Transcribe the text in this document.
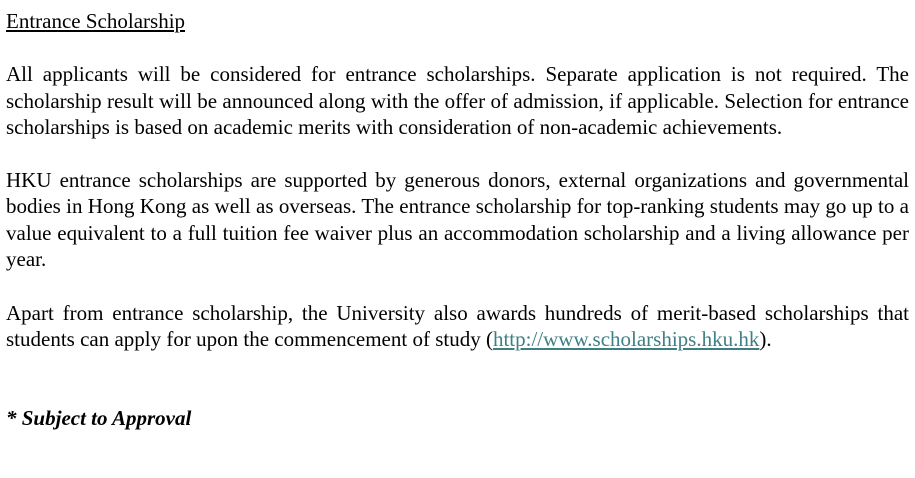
Entrance Scholarship

All applicants will be considered for entrance scholarships. Separate application is not required. The scholarship result will be announced along with the offer of admission, if applicable. Selection for entrance scholarships is based on academic merits with consideration of non-academic achievements.

HKU entrance scholarships are supported by generous donors, external organizations and governmental bodies in Hong Kong as well as overseas. The entrance scholarship for top-ranking students may go up to a value equivalent to a full tuition fee waiver plus an accommodation scholarship and a living allowance per year.

Apart from entrance scholarship, the University also awards hundreds of merit-based scholarships that students can apply for upon the commencement of study (http://www.scholarships.hku.hk).

* Subject to Approval
